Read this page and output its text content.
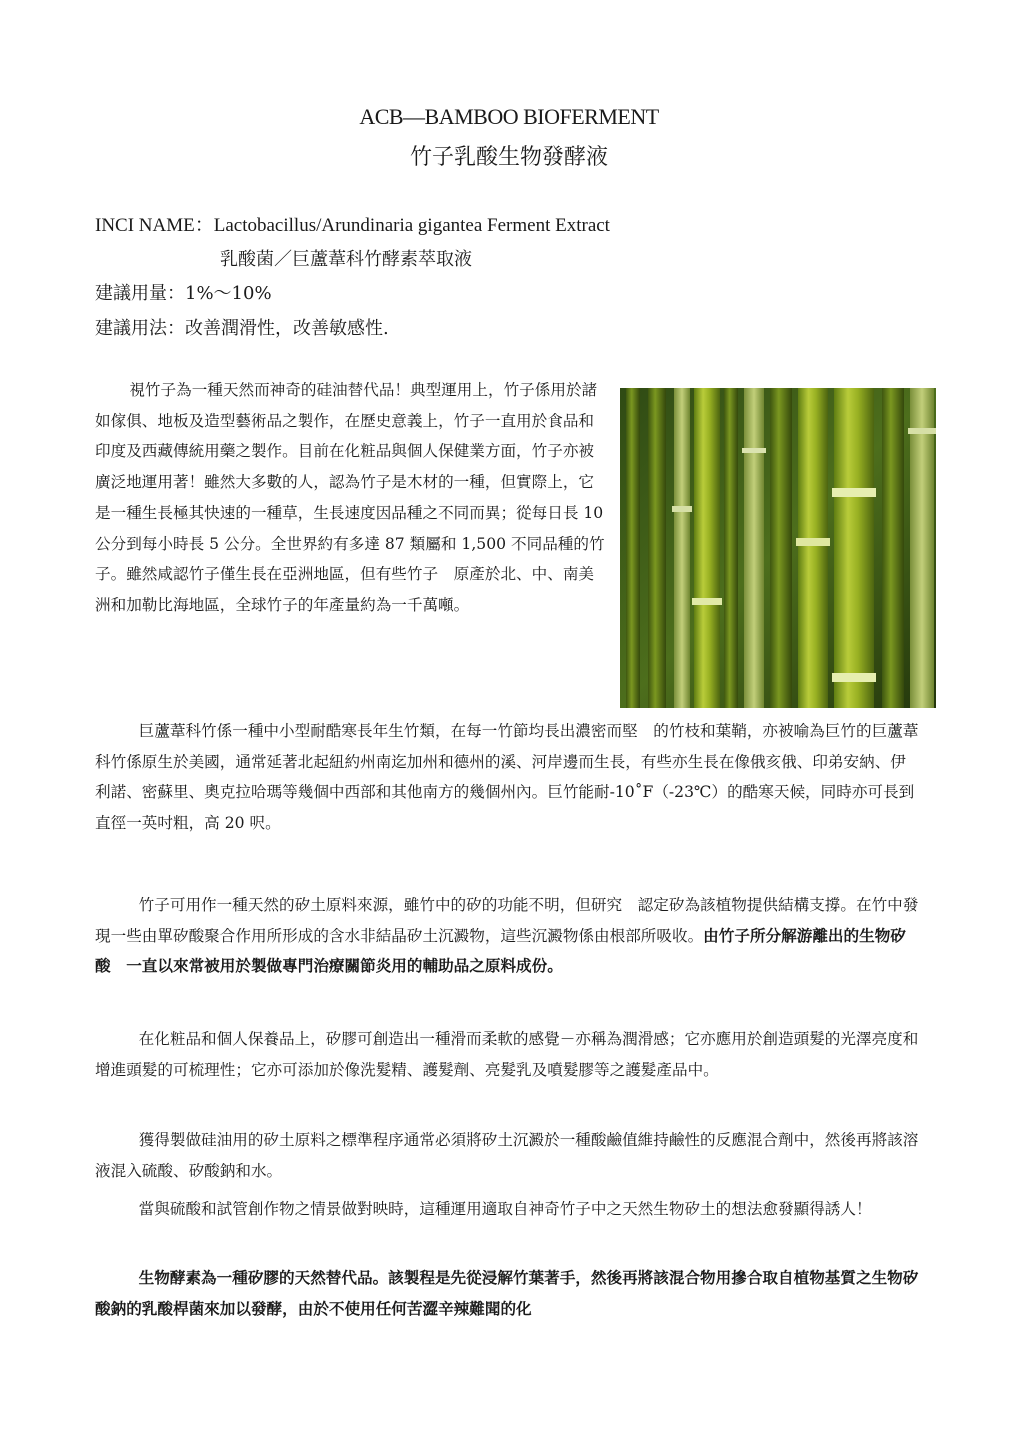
ACB—BAMBOO BIOFERMENT
竹子乳酸生物發酵液
INCI NAME：Lactobacillus/Arundinaria gigantea Ferment Extract
乳酸菌／巨蘆葦科竹酵素萃取液
建議用量：1%～10%
建議用法：改善潤滑性，改善敏感性.
視竹子為一種天然而神奇的硅油替代品！典型運用上，竹子係用於諸如傢俱、地板及造型藝術品之製作，在歷史意義上，竹子一直用於食品和印度及西藏傳統用藥之製作。目前在化粧品與個人保健業方面，竹子亦被廣泛地運用著！雖然大多數的人，認為竹子是木材的一種，但實際上，它　是一種生長極其快速的一種草，生長速度因品種之不同而異；從每日長 10 公分到每小時長 5 公分。全世界約有多達 87 類屬和 1,500 不同品種的竹子。雖然咸認竹子僅生長在亞洲地區，但有些竹子　原產於北、中、南美洲和加勒比海地區，全球竹子的年產量約為一千萬噸。
巨蘆葦科竹係一種中小型耐酷寒長年生竹類，在每一竹節均長出濃密而堅　的竹枝和葉鞘，亦被喻為巨竹的巨蘆葦科竹係原生於美國，通常延著北起紐約州南迄加州和德州的溪、河岸邊而生長，有些亦生長在像俄亥俄、印弟安納、伊利諾、密蘇里、奧克拉哈瑪等幾個中西部和其他南方的幾個州內。巨竹能耐-10˚F（-23℃）的酷寒天候，同時亦可長到直徑一英吋粗，高 20 呎。
竹子可用作一種天然的矽土原料來源，雖竹中的矽的功能不明，但研究　認定矽為該植物提供結構支撐。在竹中發現一些由單矽酸聚合作用所形成的含水非結晶矽土沉澱物，這些沉澱物係由根部所吸收。由竹子所分解游離出的生物矽酸　一直以來常被用於製做專門治療關節炎用的輔助品之原料成份。
在化粧品和個人保養品上，矽膠可創造出一種滑而柔軟的感覺－亦稱為潤滑感；它亦應用於創造頭髮的光澤亮度和增進頭髮的可梳理性；它亦可添加於像洗髮精、護髮劑、亮髮乳及噴髮膠等之護髮產品中。
獲得製做硅油用的矽土原料之標準程序通常必須將矽土沉澱於一種酸鹼值維持鹼性的反應混合劑中，然後再將該溶液混入硫酸、矽酸鈉和水。
當與硫酸和試管創作物之情景做對映時，這種運用適取自神奇竹子中之天然生物矽土的想法愈發顯得誘人！
生物酵素為一種矽膠的天然替代品。該製程是先從浸解竹葉著手，然後再將該混合物用摻合取自植物基質之生物矽酸鈉的乳酸桿菌來加以發酵，由於不使用任何苦澀辛辣難聞的化
